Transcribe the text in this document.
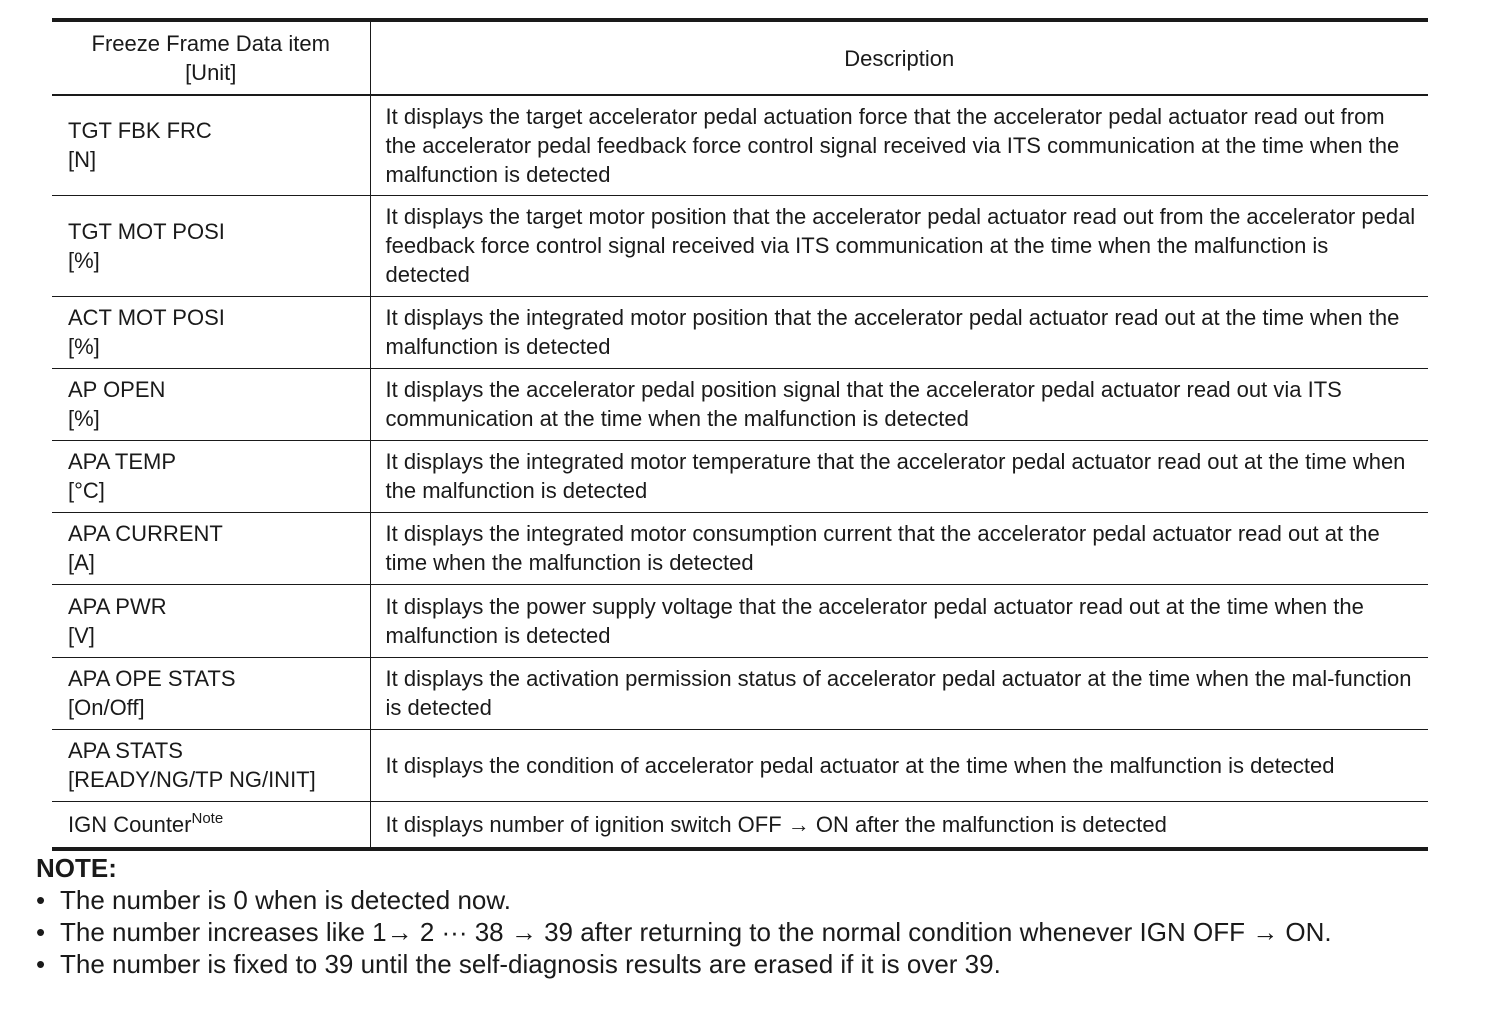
Freeze Frame Data item
[Unit]	Description

TGT FBK FRC
[N]	It displays the target accelerator pedal actuation force that the accelerator pedal actuator read out from the accelerator pedal feedback force control signal received via ITS communication at the time when the malfunction is detected

TGT MOT POSI
[%]	It displays the target motor position that the accelerator pedal actuator read out from the accelerator pedal feedback force control signal received via ITS communication at the time when the malfunction is detected

ACT MOT POSI
[%]	It displays the integrated motor position that the accelerator pedal actuator read out at the time when the malfunction is detected

AP OPEN
[%]	It displays the accelerator pedal position signal that the accelerator pedal actuator read out via ITS communication at the time when the malfunction is detected

APA TEMP
[°C]	It displays the integrated motor temperature that the accelerator pedal actuator read out at the time when the malfunction is detected

APA CURRENT
[A]	It displays the integrated motor consumption current that the accelerator pedal actuator read out at the time when the malfunction is detected

APA PWR
[V]	It displays the power supply voltage that the accelerator pedal actuator read out at the time when the malfunction is detected

APA OPE STATS
[On/Off]	It displays the activation permission status of accelerator pedal actuator at the time when the mal-function is detected

APA STATS
[READY/NG/TP NG/INIT]	It displays the condition of accelerator pedal actuator at the time when the malfunction is detected
IGN Counter$^{Note}$	It displays number of ignition switch OFF → ON after the malfunction is detected
NOTE:
• The number is 0 when is detected now.
• The number increases like 1→ 2 ··· 38 → 39 after returning to the normal condition whenever IGN OFF → ON.
• The number is fixed to 39 until the self-diagnosis results are erased if it is over 39.
